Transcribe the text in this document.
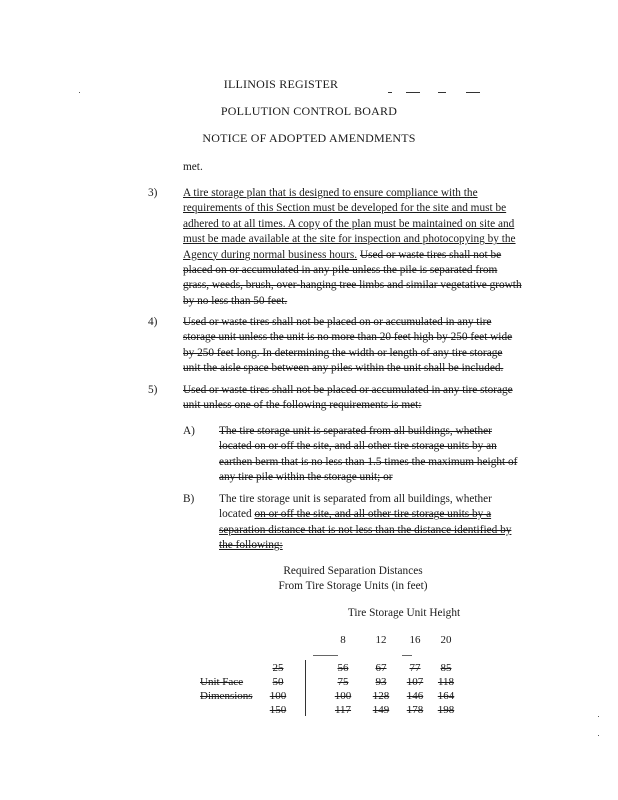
ILLINOIS REGISTER
POLLUTION CONTROL BOARD
NOTICE OF ADOPTED AMENDMENTS
met.
3) A tire storage plan that is designed to ensure compliance with the
requirements of this Section must be developed for the site and must be
adhered to at all times. A copy of the plan must be maintained on site and
must be made available at the site for inspection and photocopying by the
Agency during normal business hours. Used or waste tires shall not be
placed on or accumulated in any pile unless the pile is separated from
grass, weeds, brush, over-hanging tree limbs and similar vegetative growth
by no less than 50 feet.
4) Used or waste tires shall not be placed on or accumulated in any tire
storage unit unless the unit is no more than 20 feet high by 250 feet wide
by 250 feet long. In determining the width or length of any tire storage
unit the aisle space between any piles within the unit shall be included.
5) Used or waste tires shall not be placed or accumulated in any tire storage
unit unless one of the following requirements is met:
A) The tire storage unit is separated from all buildings, whether
located on or off the site, and all other tire storage units by an
earthen berm that is no less than 1.5 times the maximum height of
any tire pile within the storage unit; or
B) The tire storage unit is separated from all buildings, whether
located on or off the site, and all other tire storage units by a
separation distance that is not less than the distance identified by
the following:
Required Separation Distances
From Tire Storage Units (in feet)
Tire Storage Unit Height
8	12	16	20
Unit Face
Dimensions
25	56	67	77	85
50	75	93	107	118
100	100	128	146	164
150	117	149	178	198
